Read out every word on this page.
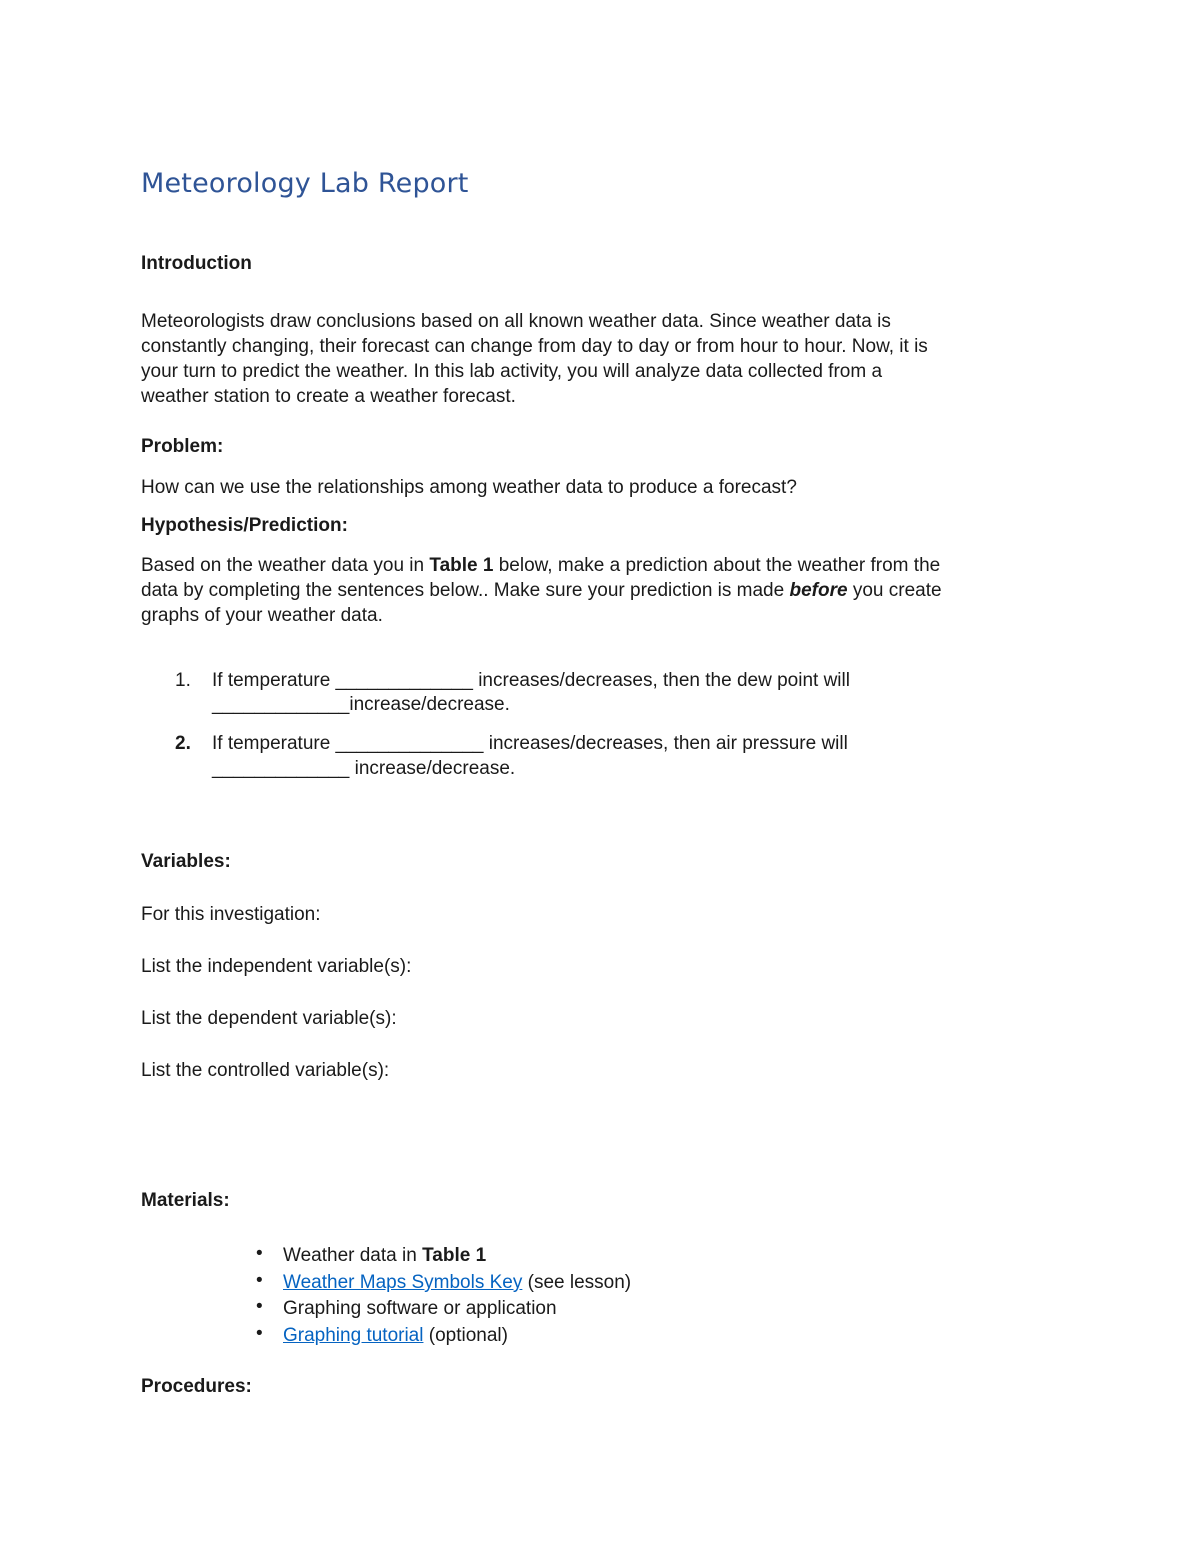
Meteorology Lab Report
Introduction
Meteorologists draw conclusions based on all known weather data. Since weather data is
constantly changing, their forecast can change from day to day or from hour to hour. Now, it is
your turn to predict the weather. In this lab activity, you will analyze data collected from a
weather station to create a weather forecast.
Problem:
How can we use the relationships among weather data to produce a forecast?
Hypothesis/Prediction:
Based on the weather data you in Table 1 below, make a prediction about the weather from the
data by completing the sentences below.. Make sure your prediction is made before you create
graphs of your weather data.
1. If temperature _____________ increases/decreases, then the dew point will
_____________increase/decrease.
2. If temperature ______________ increases/decreases, then air pressure will
_____________ increase/decrease.
Variables:
For this investigation:
List the independent variable(s):
List the dependent variable(s):
List the controlled variable(s):
Materials:
• Weather data in Table 1
• Weather Maps Symbols Key (see lesson)
• Graphing software or application
• Graphing tutorial (optional)
Procedures:
